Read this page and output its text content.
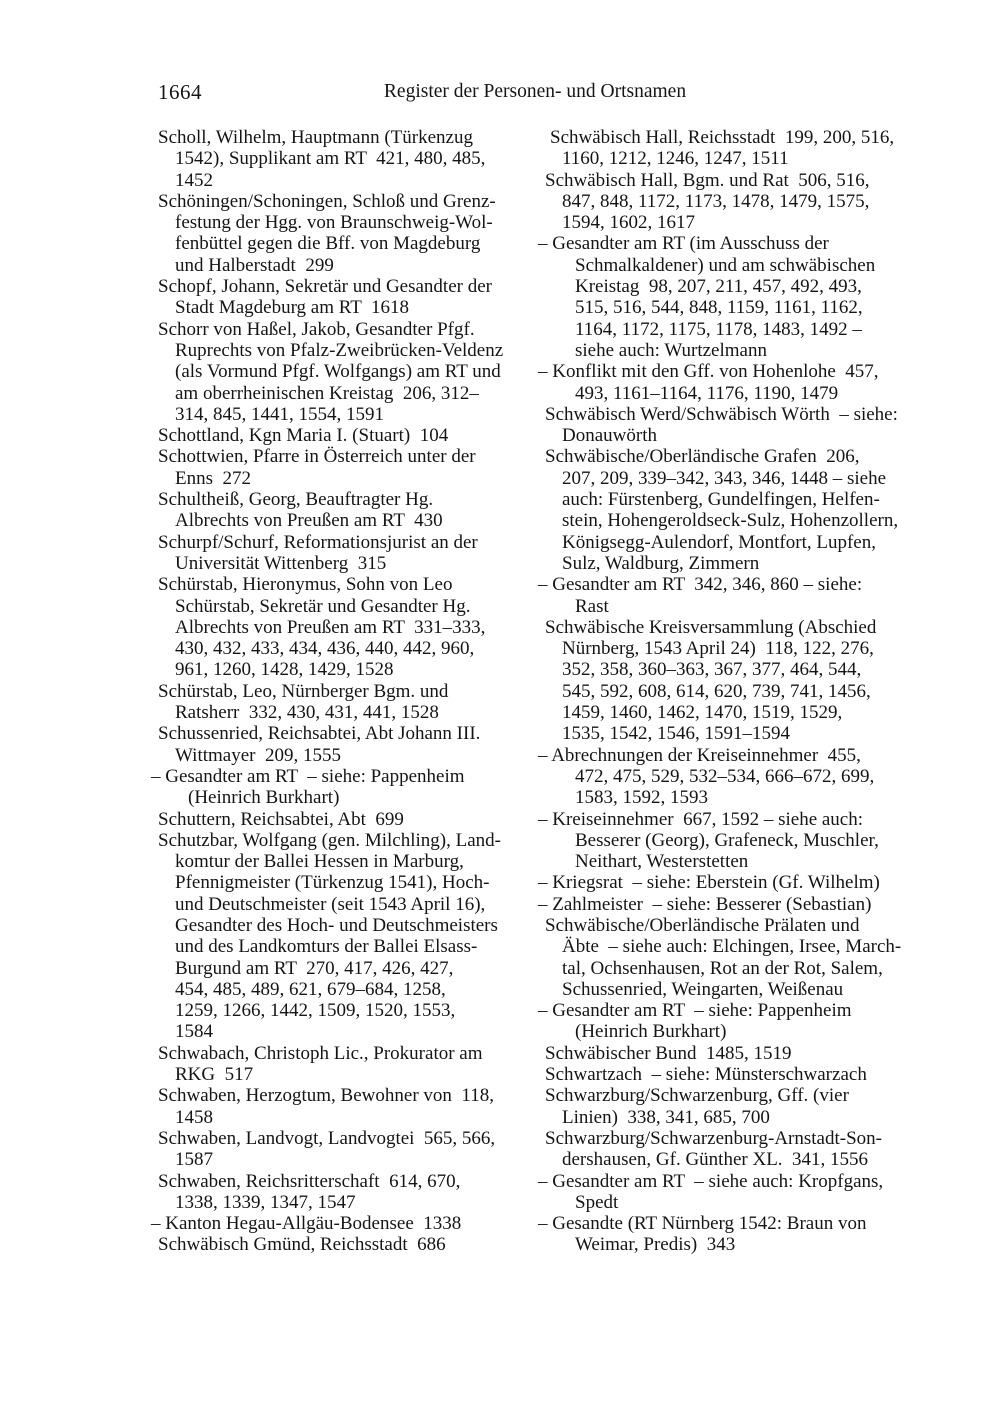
1664	Register der Personen- und Ortsnamen
Scholl, Wilhelm, Hauptmann (Türkenzug
1542), Supplikant am RT  421, 480, 485,
1452
Schöningen/Schoningen, Schloß und Grenz-
festung der Hgg. von Braunschweig-Wol-
fenbüttel gegen die Bff. von Magdeburg
und Halberstadt  299
Schopf, Johann, Sekretär und Gesandter der
Stadt Magdeburg am RT  1618
Schorr von Haßel, Jakob, Gesandter Pfgf.
Ruprechts von Pfalz-Zweibrücken-Veldenz
(als Vormund Pfgf. Wolfgangs) am RT und
am oberrheinischen Kreistag  206, 312–
314, 845, 1441, 1554, 1591
Schottland, Kgn Maria I. (Stuart)  104
Schottwien, Pfarre in Österreich unter der
Enns  272
Schultheiß, Georg, Beauftragter Hg.
Albrechts von Preußen am RT  430
Schurpf/Schurf, Reformationsjurist an der
Universität Wittenberg  315
Schürstab, Hieronymus, Sohn von Leo
Schürstab, Sekretär und Gesandter Hg.
Albrechts von Preußen am RT  331–333,
430, 432, 433, 434, 436, 440, 442, 960,
961, 1260, 1428, 1429, 1528
Schürstab, Leo, Nürnberger Bgm. und
Ratsherr  332, 430, 431, 441, 1528
Schussenried, Reichsabtei, Abt Johann III.
Wittmayer  209, 1555
– Gesandter am RT  – siehe: Pappenheim
(Heinrich Burkhart)
Schuttern, Reichsabtei, Abt  699
Schutzbar, Wolfgang (gen. Milchling), Land-
komtur der Ballei Hessen in Marburg,
Pfennigmeister (Türkenzug 1541), Hoch-
und Deutschmeister (seit 1543 April 16),
Gesandter des Hoch- und Deutschmeisters
und des Landkomturs der Ballei Elsass-
Burgund am RT  270, 417, 426, 427,
454, 485, 489, 621, 679–684, 1258,
1259, 1266, 1442, 1509, 1520, 1553,
1584
Schwabach, Christoph Lic., Prokurator am
RKG  517
Schwaben, Herzogtum, Bewohner von  118,
1458
Schwaben, Landvogt, Landvogtei  565, 566,
1587
Schwaben, Reichsritterschaft  614, 670,
1338, 1339, 1347, 1547
– Kanton Hegau-Allgäu-Bodensee  1338
Schwäbisch Gmünd, Reichsstadt  686
Schwäbisch Hall, Reichsstadt  199, 200, 516,
1160, 1212, 1246, 1247, 1511
Schwäbisch Hall, Bgm. und Rat  506, 516,
847, 848, 1172, 1173, 1478, 1479, 1575,
1594, 1602, 1617
– Gesandter am RT (im Ausschuss der
Schmalkaldener) und am schwäbischen
Kreistag  98, 207, 211, 457, 492, 493,
515, 516, 544, 848, 1159, 1161, 1162,
1164, 1172, 1175, 1178, 1483, 1492 –
siehe auch: Wurtzelmann
– Konflikt mit den Gff. von Hohenlohe  457,
493, 1161–1164, 1176, 1190, 1479
Schwäbisch Werd/Schwäbisch Wörth  – siehe:
Donauwörth
Schwäbische/Oberländische Grafen  206,
207, 209, 339–342, 343, 346, 1448 – siehe
auch: Fürstenberg, Gundelfingen, Helfen-
stein, Hohengeroldseck-Sulz, Hohenzollern,
Königsegg-Aulendorf, Montfort, Lupfen,
Sulz, Waldburg, Zimmern
– Gesandter am RT  342, 346, 860 – siehe:
Rast
Schwäbische Kreisversammlung (Abschied
Nürnberg, 1543 April 24)  118, 122, 276,
352, 358, 360–363, 367, 377, 464, 544,
545, 592, 608, 614, 620, 739, 741, 1456,
1459, 1460, 1462, 1470, 1519, 1529,
1535, 1542, 1546, 1591–1594
– Abrechnungen der Kreiseinnehmer  455,
472, 475, 529, 532–534, 666–672, 699,
1583, 1592, 1593
– Kreiseinnehmer  667, 1592 – siehe auch:
Besserer (Georg), Grafeneck, Muschler,
Neithart, Westerstetten
– Kriegsrat  – siehe: Eberstein (Gf. Wilhelm)
– Zahlmeister  – siehe: Besserer (Sebastian)
Schwäbische/Oberländische Prälaten und
Äbte  – siehe auch: Elchingen, Irsee, March-
tal, Ochsenhausen, Rot an der Rot, Salem,
Schussenried, Weingarten, Weißenau
– Gesandter am RT  – siehe: Pappenheim
(Heinrich Burkhart)
Schwäbischer Bund  1485, 1519
Schwartzach  – siehe: Münsterschwarzach
Schwarzburg/Schwarzenburg, Gff. (vier
Linien)  338, 341, 685, 700
Schwarzburg/Schwarzenburg-Arnstadt-Son-
dershausen, Gf. Günther XL.  341, 1556
– Gesandter am RT  – siehe auch: Kropfgans,
Spedt
– Gesandte (RT Nürnberg 1542: Braun von
Weimar, Predis)  343
